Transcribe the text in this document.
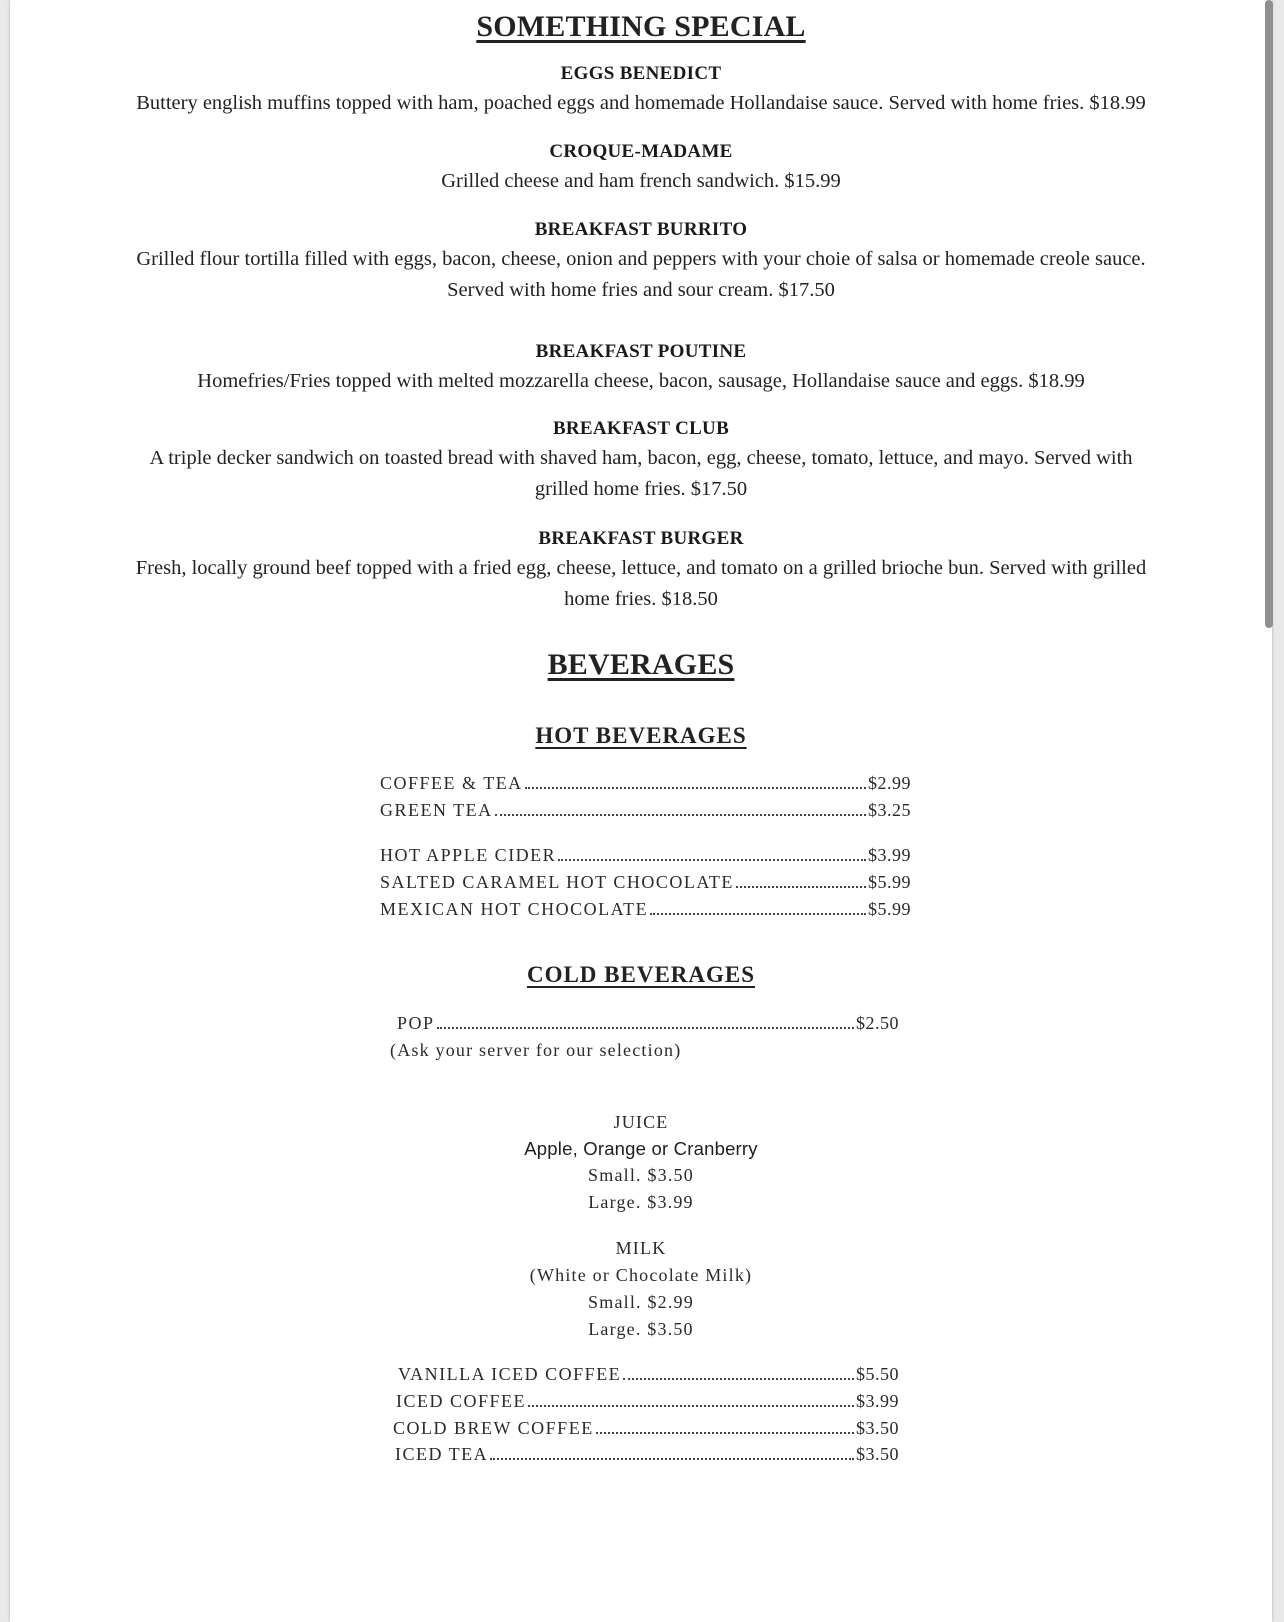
SOMETHING SPECIAL
EGGS BENEDICT
Buttery english muffins topped with ham, poached eggs and homemade Hollandaise sauce. Served with home fries. $18.99
CROQUE-MADAME
Grilled cheese and ham french sandwich. $15.99
BREAKFAST BURRITO
Grilled flour tortilla filled with eggs, bacon, cheese, onion and peppers with your choie of salsa or homemade creole sauce.
Served with home fries and sour cream. $17.50
BREAKFAST POUTINE
Homefries/Fries topped with melted mozzarella cheese, bacon, sausage, Hollandaise sauce and eggs. $18.99
BREAKFAST CLUB
A triple decker sandwich on toasted bread with shaved ham, bacon, egg, cheese, tomato, lettuce, and mayo. Served with
grilled home fries. $17.50
BREAKFAST BURGER
Fresh, locally ground beef topped with a fried egg, cheese, lettuce, and tomato on a grilled brioche bun. Served with grilled
home fries. $18.50
BEVERAGES
HOT BEVERAGES
COFFEE & TEA	$2.99
GREEN TEA	$3.25
HOT APPLE CIDER	$3.99
SALTED CARAMEL HOT CHOCOLATE	$5.99
MEXICAN HOT CHOCOLATE	$5.99
COLD BEVERAGES
POP	$2.50
(Ask your server for our selection)
JUICE
Apple, Orange or Cranberry
Small. $3.50
Large. $3.99
MILK
(White or Chocolate Milk)
Small. $2.99
Large. $3.50
VANILLA ICED COFFEE	$5.50
ICED COFFEE	$3.99
COLD BREW COFFEE	$3.50
ICED TEA	$3.50
